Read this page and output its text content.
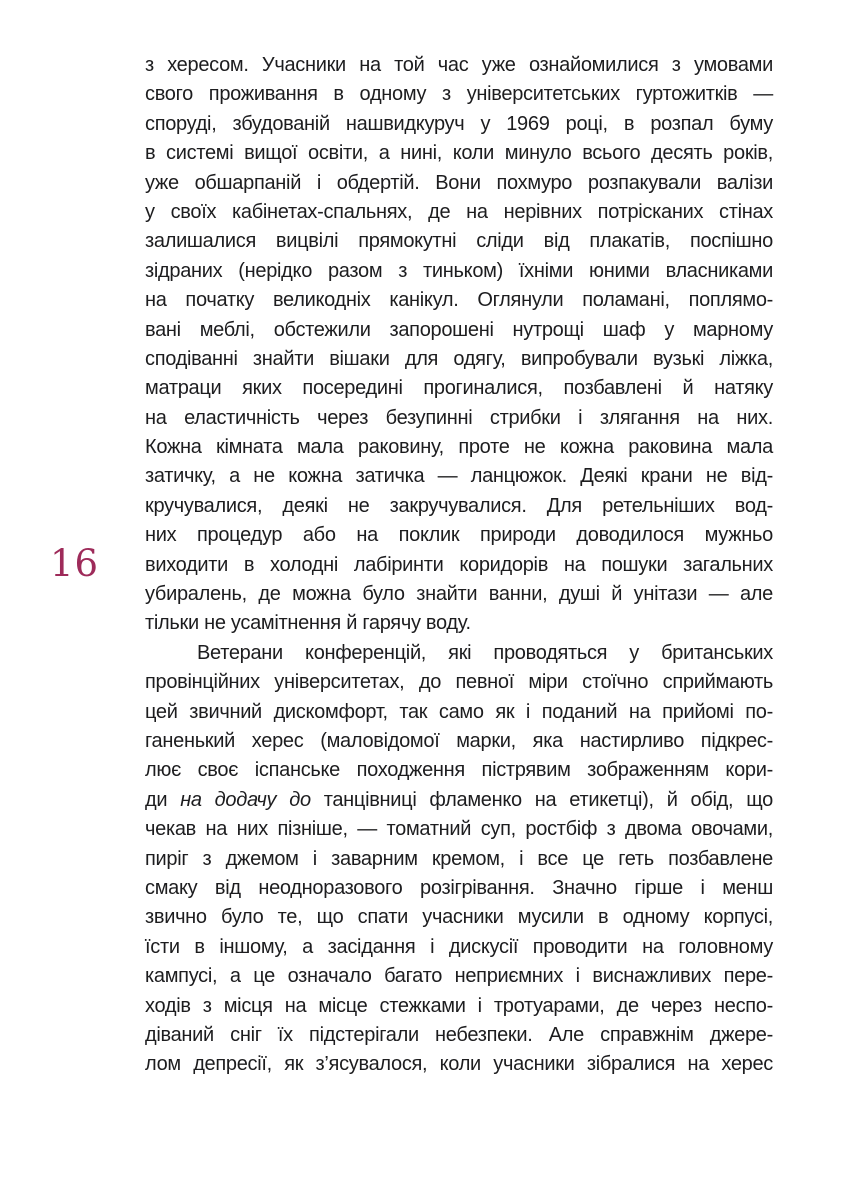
16
з хересом. Учасники на той час уже ознайомилися з умовами
свого проживання в одному з університетських гуртожитків —
споруді, збудованій нашвидкуруч у 1969 році, в розпал буму
в системі вищої освіти, а нині, коли минуло всього десять років,
уже обшарпаній і обдертій. Вони похмуро розпакували валізи
у своїх кабінетах-спальнях, де на нерівних потрісканих стінах
залишалися вицвілі прямокутні сліди від плакатів, поспішно
зідраних (нерідко разом з тиньком) їхніми юними власниками
на початку великодніх канікул. Оглянули поламані, поплямо-
вані меблі, обстежили запорошені нутрощі шаф у марному
сподіванні знайти вішаки для одягу, випробували вузькі ліжка,
матраци яких посередині прогиналися, позбавлені й натяку
на еластичність через безупинні стрибки і злягання на них.
Кожна кімната мала раковину, проте не кожна раковина мала
затичку, а не кожна затичка — ланцюжок. Деякі крани не від-
кручувалися, деякі не закручувалися. Для ретельніших вод-
них процедур або на поклик природи доводилося мужньо
виходити в холодні лабіринти коридорів на пошуки загальних
убиралень, де можна було знайти ванни, душі й унітази — але
тільки не усамітнення й гарячу воду.
Ветерани конференцій, які проводяться у британських
провінційних університетах, до певної міри стоїчно сприймають
цей звичний дискомфорт, так само як і поданий на прийомі по-
ганенький херес (маловідомої марки, яка настирливо підкрес-
лює своє іспанське походження пістрявим зображенням кори-
ди на додачу до танцівниці фламенко на етикетці), й обід, що
чекав на них пізніше, — томатний суп, ростбіф з двома овочами,
пиріг з джемом і заварним кремом, і все це геть позбавлене
смаку від неодноразового розігрівання. Значно гірше і менш
звично було те, що спати учасники мусили в одному корпусі,
їсти в іншому, а засідання і дискусії проводити на головному
кампусі, а це означало багато неприємних і виснажливих пере-
ходів з місця на місце стежками і тротуарами, де через неспо-
діваний сніг їх підстерігали небезпеки. Але справжнім джере-
лом депресії, як з’ясувалося, коли учасники зібралися на херес
